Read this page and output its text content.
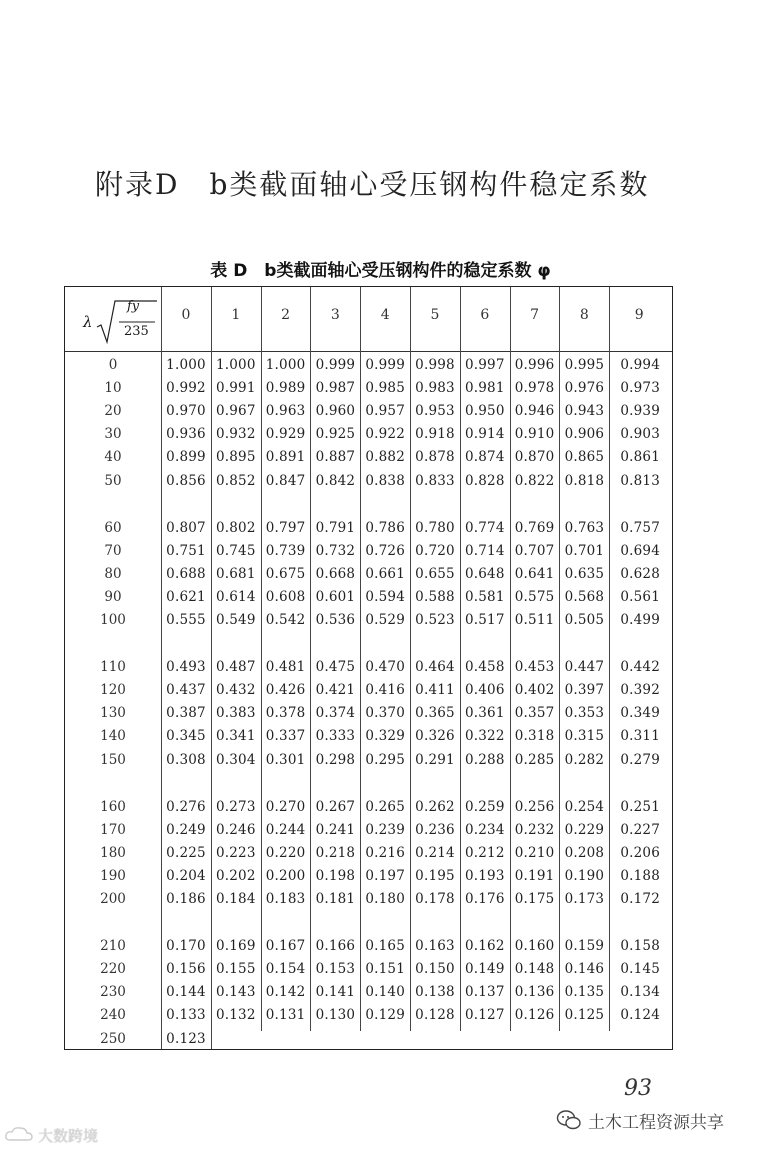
附录D　b类截面轴心受压钢构件稳定系数
表 D　b类截面轴心受压钢构件的稳定系数 φ
λ
fy
235
0	1	2	3	4	5	6	7	8	9
0	1.000 1.000 1.000 0.999 0.999 0.998 0.997 0.996 0.995	0.994
10	0.992 0.991 0.989 0.987 0.985 0.983 0.981 0.978 0.976	0.973
20	0.970 0.967 0.963 0.960 0.957 0.953 0.950 0.946 0.943	0.939
30	0.936 0.932 0.929 0.925 0.922 0.918 0.914 0.910 0.906	0.903
40	0.899 0.895 0.891 0.887 0.882 0.878 0.874 0.870 0.865	0.861
50	0.856 0.852 0.847 0.842 0.838 0.833 0.828 0.822 0.818	0.813
60	0.807 0.802 0.797 0.791 0.786 0.780 0.774 0.769 0.763	0.757
70	0.751 0.745 0.739 0.732 0.726 0.720 0.714 0.707 0.701	0.694
80	0.688 0.681 0.675 0.668 0.661 0.655 0.648 0.641 0.635	0.628
90	0.621 0.614 0.608 0.601 0.594 0.588 0.581 0.575 0.568	0.561
100	0.555 0.549 0.542 0.536 0.529 0.523 0.517 0.511 0.505	0.499
110	0.493 0.487 0.481 0.475 0.470 0.464 0.458 0.453 0.447	0.442
120	0.437 0.432 0.426 0.421 0.416 0.411 0.406 0.402 0.397	0.392
130	0.387 0.383 0.378 0.374 0.370 0.365 0.361 0.357 0.353	0.349
140	0.345 0.341 0.337 0.333 0.329 0.326 0.322 0.318 0.315	0.311
150	0.308 0.304 0.301 0.298 0.295 0.291 0.288 0.285 0.282	0.279
160	0.276 0.273 0.270 0.267 0.265 0.262 0.259 0.256 0.254	0.251
170	0.249 0.246 0.244 0.241 0.239 0.236 0.234 0.232 0.229	0.227
180	0.225 0.223 0.220 0.218 0.216 0.214 0.212 0.210 0.208	0.206
190	0.204 0.202 0.200 0.198 0.197 0.195 0.193 0.191 0.190	0.188
200	0.186 0.184 0.183 0.181 0.180 0.178 0.176 0.175 0.173	0.172
210	0.170 0.169 0.167 0.166 0.165 0.163 0.162 0.160 0.159	0.158
220	0.156 0.155 0.154 0.153 0.151 0.150 0.149 0.148 0.146	0.145
230	0.144 0.143 0.142 0.141 0.140 0.138 0.137 0.136 0.135	0.134
240	0.133 0.132 0.131 0.130 0.129 0.128 0.127 0.126 0.125	0.124
250	0.123
93
土木工程资源共享
大数跨境
